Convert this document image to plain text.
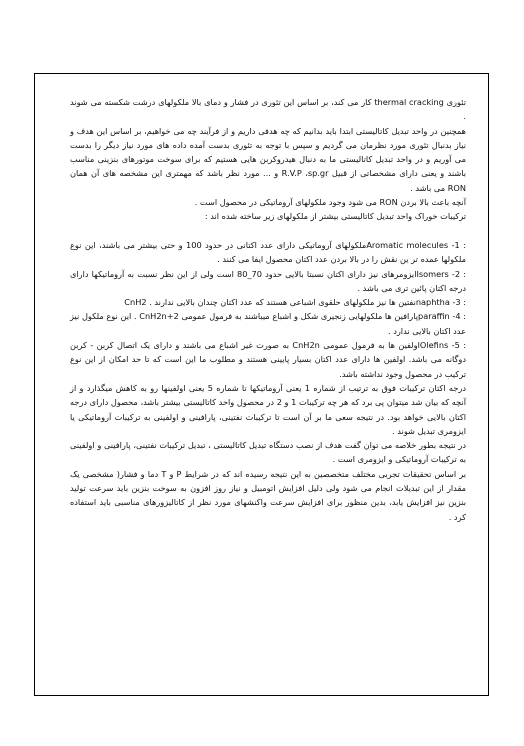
تئوری thermal cracking کار می کند، بر اساس این تئوری در فشار و دمای بالا ملکولهای درشت شکسته می شوند .

همچنین در واحد تبدیل کاتالیستی ابتدا باید بدانیم که چه هدفی داریم و از فرآیند چه می خواهیم، بر اساس این هدف و نیاز بدنبال تئوری مورد نظرمان می گردیم و سپس با توجه به تئوری بدست آمده داده های مورد نیاز دیگر را بدست می آوریم و در واحد تبدیل کاتالیستی ما به دنبال هیدروکربن هایی هستیم که برای سوخت موتورهای بنزینی مناسب باشند و یعنی دارای مشخصاتی از قبیل R.V.P ،sp.gr و ... مورد نظر باشد که مهمتری این مشخصه های آن همان RON می باشد .

آنچه باعث بالا بردن RON می شود وجود ملکولهای آروماتیکی در محصول است .

ترکیبات خوراک واحد تبدیل کاتالیستی بیشتر از ملکولهای زیر ساخته شده اند :

: Aromatic molecules -1ملکولهای آروماتیکی دارای عدد اکتانی در حدود 100 و حتی بیشتر می باشند، این نوع ملکولها عمده تر ین نقش را در بالا بردن عدد اکتان محصول ایفا می کنند .

: Isomers -2ایزومرهای نیز دارای اکتان نسبتا بالایی حدود 70_80 است ولی از این نظر نسبت به آروماتیکها دارای درجه اکتان پائین تری می باشد .

: naphtha -3نفتین ها نیز ملکولهای حلقوی اشباعی هستند که عدد اکتان چندان بالایی ندارند . CnH2

: paraffin -4پارافین ها ملکولهایی زنجیری شکل و اشباع میباشند به فرمول عمومی CnH2n+2 . این نوع ملکول نیز عدد اکتان بالایی ندارد .

: Olefins -5اولفین ها به فرمول عمومی CnH2n به صورت غیر اشباع می باشند و دارای یک اتصال کربن - کربن دوگانه می باشد. اولفین ها دارای عدد اکتان بسیار پایینی هستند و مطلوب ما این است که تا حد امکان از این نوع ترکیب در محصول وجود نداشته باشد.

درجه اکتان ترکیبات فوق به ترتیب از شماره 1 یعنی آروماتیکها تا شماره 5 یعنی اولفینها رو به کاهش میگذارد و از آنچه که بیان شد میتوان پی برد که هر چه ترکیبات 1 و 2 در محصول واحد کاتالیستی بیشتر باشد، محصول دارای درجه اکتان بالایی خواهد بود. در نتیجه سعی ما بر آن است تا ترکیبات نفتینی، پارافینی و اولفینی به ترکیبات آروماتیکی یا ایزومری تبدیل شوند .

در نتیجه بطور خلاصه می توان گفت هدف از نصب دستگاه تبدیل کاتالیستی ، تبدیل ترکیبات نفتینی، پارافینی و اولفینی به ترکیبات آروماتیکی و ایزومری است .

بر اساس تحقیقات تجربی مختلف متخصصین به این نتیجه رسیده اند که در شرایط P و T دما و فشار( مشخصی یک مقدار از این تبدیلات انجام می شود ولی دلیل افزایش اتومبیل و نیاز روز افزون به سوخت بنزین باید سرعت تولید بنزین نیز افزایش یابد، بدین منظور برای افزایش سرعت واکنشهای مورد نظر از کاتالیزورهای مناسبی باید استفاده کرد .
